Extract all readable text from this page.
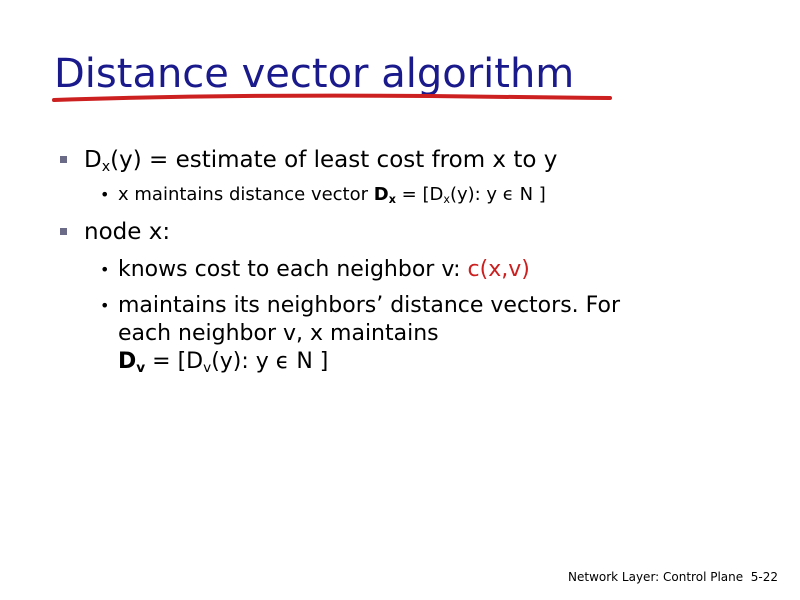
Distance vector algorithm
$D_x(y)$ = estimate of least cost from x to y
• x maintains distance vector $D_x = [D_x(y)$: y ϵ N ]
node x:
• knows cost to each neighbor v: c(x,v)
• maintains its neighbors’ distance vectors. For
each neighbor v, x maintains
$D_v = [D_v(y)$: y ϵ N ]
Network Layer: Control Plane 5-22
